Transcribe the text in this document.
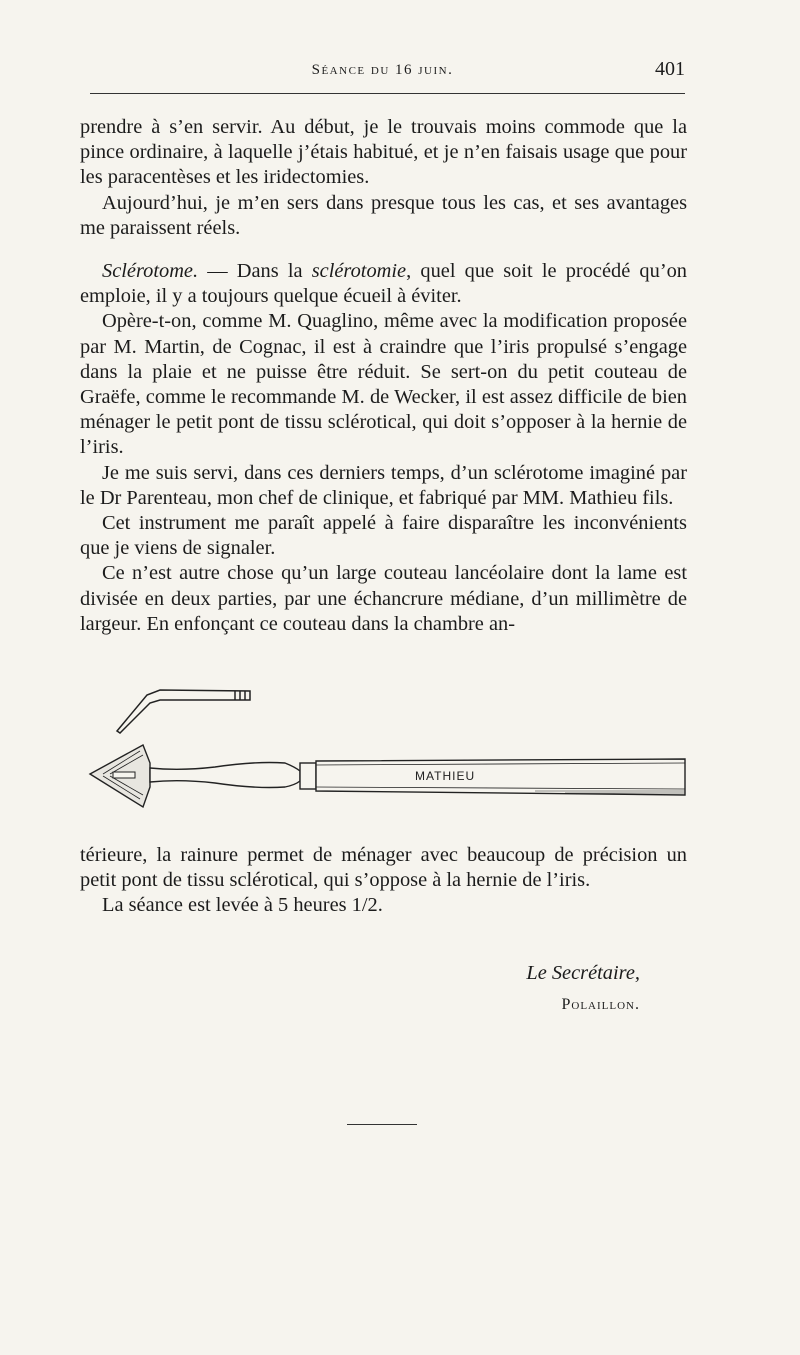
Séance du 16 juin.	401

prendre à s’en servir. Au début, je le trouvais moins commode que la pince ordinaire, à laquelle j’étais habitué, et je n’en faisais usage que pour les paracentèses et les iridectomies.

Aujourd’hui, je m’en sers dans presque tous les cas, et ses avantages me paraissent réels.

Sclérotome. — Dans la sclérotomie, quel que soit le procédé qu’on emploie, il y a toujours quelque écueil à éviter.

Opère-t-on, comme M. Quaglino, même avec la modification proposée par M. Martin, de Cognac, il est à craindre que l’iris propulsé s’engage dans la plaie et ne puisse être réduit. Se sert-on du petit couteau de Graëfe, comme le recommande M. de Wecker, il est assez difficile de bien ménager le petit pont de tissu sclérotical, qui doit s’opposer à la hernie de l’iris.

Je me suis servi, dans ces derniers temps, d’un sclérotome imaginé par le Dr Parenteau, mon chef de clinique, et fabriqué par MM. Mathieu fils.

Cet instrument me paraît appelé à faire disparaître les inconvénients que je viens de signaler.

Ce n’est autre chose qu’un large couteau lancéolaire dont la lame est divisée en deux parties, par une échancrure médiane, d’un millimètre de largeur. En enfonçant ce couteau dans la chambre an-

MATHIEU

térieure, la rainure permet de ménager avec beaucoup de précision un petit pont de tissu sclérotical, qui s’oppose à la hernie de l’iris.

La séance est levée à 5 heures 1/2.

Le Secrétaire,
Polaillon.
